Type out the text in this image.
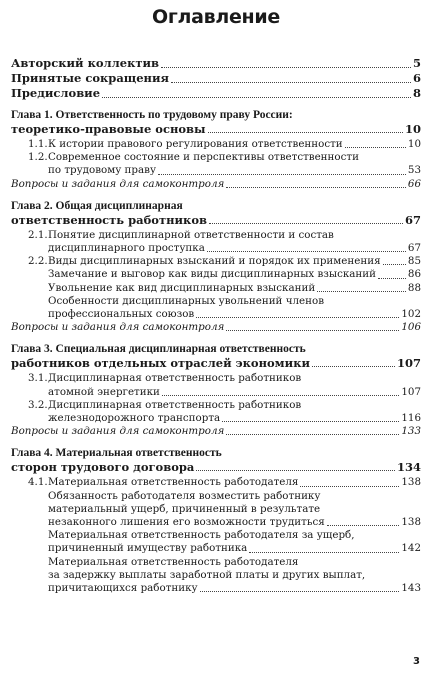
Оглавление
Авторский коллектив	5
Принятые сокращения	6
Предисловие	8
Глава 1. Ответственность по трудовому праву России:
теоретико-правовые основы	10
1.1.К истории правового регулирования ответственности	10
1.2.Современное состояние и перспективы ответственности
по трудовому праву	53
Вопросы и задания для самоконтроля	66
Глава 2. Общая дисциплинарная
ответственность работников	67
2.1.Понятие дисциплинарной ответственности и состав
дисциплинарного проступка	67
2.2.Виды дисциплинарных взысканий и порядок их применения	85
Замечание и выговор как виды дисциплинарных взысканий	86
Увольнение как вид дисциплинарных взысканий	88
Особенности дисциплинарных увольнений членов
профессиональных союзов	102
Вопросы и задания для самоконтроля	106
Глава 3. Специальная дисциплинарная ответственность
работников отдельных отраслей экономики	107
3.1.Дисциплинарная ответственность работников
атомной энергетики	107
3.2.Дисциплинарная ответственность работников
железнодорожного транспорта	116
Вопросы и задания для самоконтроля	133
Глава 4. Материальная ответственность
сторон трудового договора	134
4.1.Материальная ответственность работодателя	138
Обязанность работодателя возместить работнику
материальный ущерб, причиненный в результате
незаконного лишения его возможности трудиться	138
Материальная ответственность работодателя за ущерб,
причиненный имуществу работника	142
Материальная ответственность работодателя
за задержку выплаты заработной платы и других выплат,
причитающихся работнику	143
3
